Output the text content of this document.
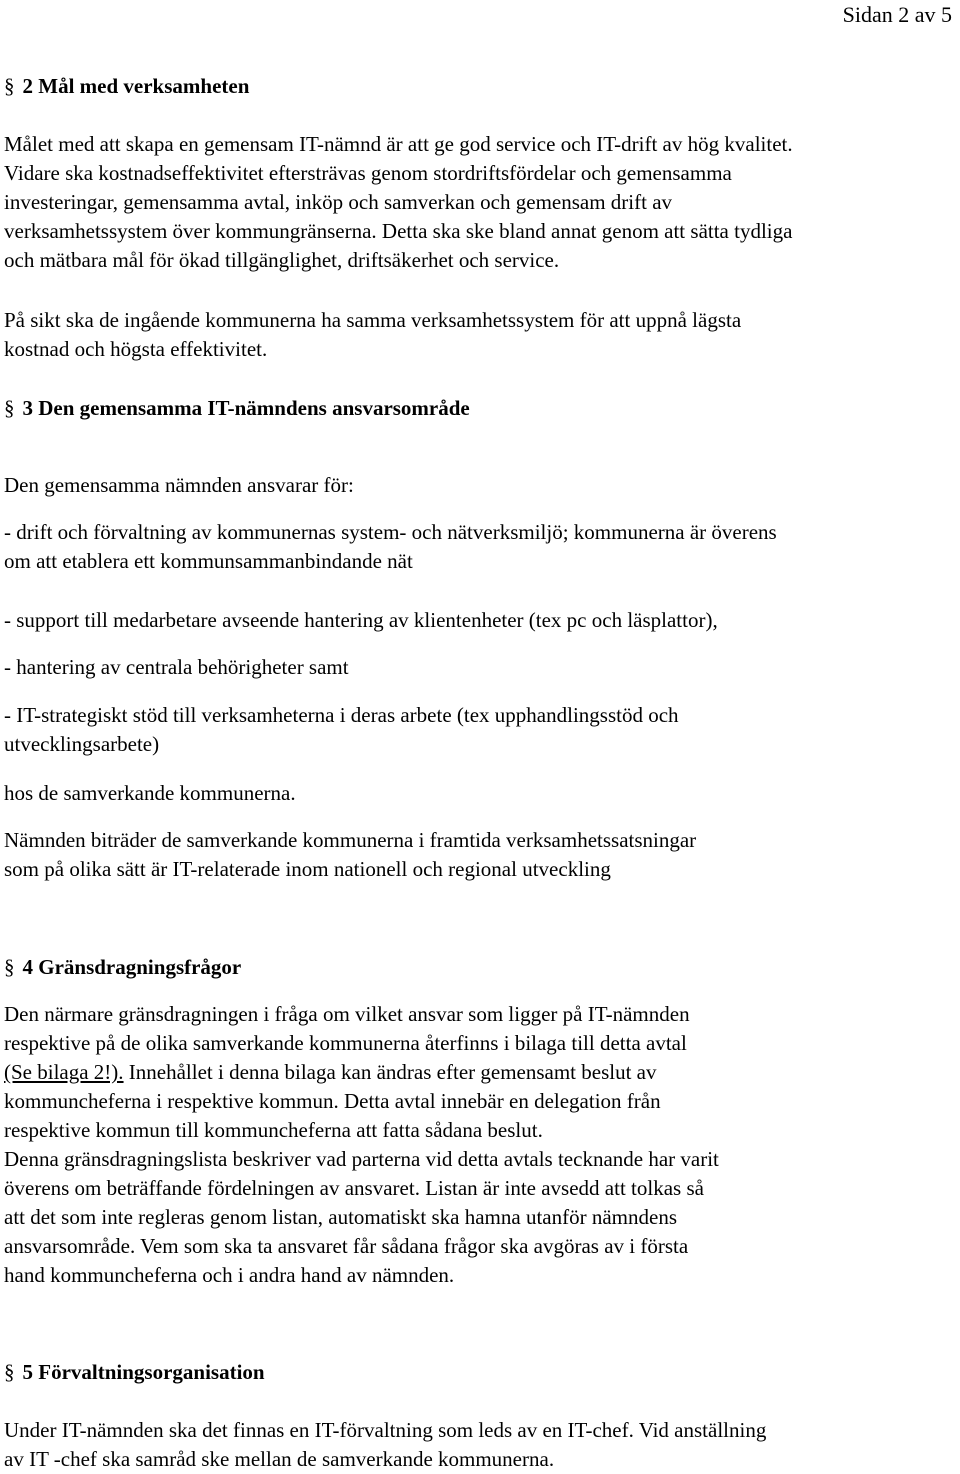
Sidan 2 av 5
§ 2 Mål med verksamheten
Målet med att skapa en gemensam IT-nämnd är att ge god service och IT-drift av hög kvalitet.
Vidare ska kostnadseffektivitet eftersträvas genom stordriftsfördelar och gemensamma
investeringar, gemensamma avtal, inköp och samverkan och gemensam drift av
verksamhetssystem över kommungränserna. Detta ska ske bland annat genom att sätta tydliga
och mätbara mål för ökad tillgänglighet, driftsäkerhet och service.
På sikt ska de ingående kommunerna ha samma verksamhetssystem för att uppnå lägsta
kostnad och högsta effektivitet.
§ 3 Den gemensamma IT-nämndens ansvarsområde
Den gemensamma nämnden ansvarar för:
- drift och förvaltning av kommunernas system- och nätverksmiljö; kommunerna är överens
om att etablera ett kommunsammanbindande nät
- support till medarbetare avseende hantering av klientenheter (tex pc och läsplattor),
- hantering av centrala behörigheter samt
- IT-strategiskt stöd till verksamheterna i deras arbete (tex upphandlingsstöd och
utvecklingsarbete)
hos de samverkande kommunerna.
Nämnden biträder de samverkande kommunerna i framtida verksamhetssatsningar
som på olika sätt är IT-relaterade inom nationell och regional utveckling
§ 4 Gränsdragningsfrågor
Den närmare gränsdragningen i fråga om vilket ansvar som ligger på IT-nämnden
respektive på de olika samverkande kommunerna återfinns i bilaga till detta avtal
(Se bilaga 2!). Innehållet i denna bilaga kan ändras efter gemensamt beslut av
kommuncheferna i respektive kommun. Detta avtal innebär en delegation från
respektive kommun till kommuncheferna att fatta sådana beslut.
Denna gränsdragningslista beskriver vad parterna vid detta avtals tecknande har varit
överens om beträffande fördelningen av ansvaret. Listan är inte avsedd att tolkas så
att det som inte regleras genom listan, automatiskt ska hamna utanför nämndens
ansvarsområde. Vem som ska ta ansvaret får sådana frågor ska avgöras av i första
hand kommuncheferna och i andra hand av nämnden.
§ 5 Förvaltningsorganisation
Under IT-nämnden ska det finnas en IT-förvaltning som leds av en IT-chef. Vid anställning
av IT -chef ska samråd ske mellan de samverkande kommunerna.
